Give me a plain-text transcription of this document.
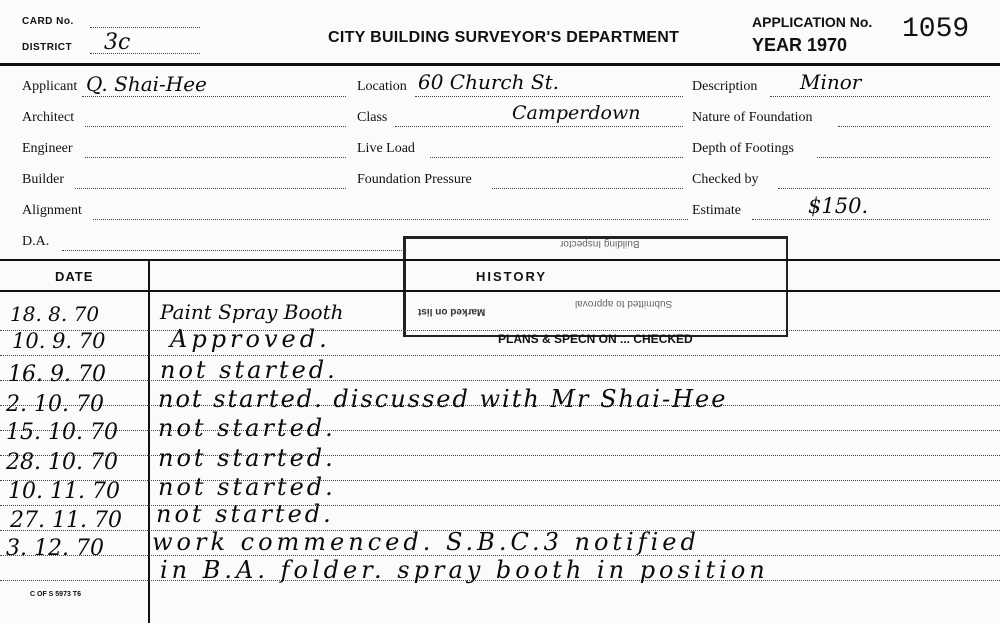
CARD No.
DISTRICT 3c	CITY BUILDING SURVEYOR'S DEPARTMENT
APPLICATION No.
YEAR 1970 1059
Applicant Q. Shai-Hee
Architect
Engineer
Builder
Alignment
D.A.
Location 60 Church St.
Class	Camperdown
Live Load
Foundation Pressure
Description Minor
Nature of Foundation
Depth of Footings
Checked by
Estimate	$150.
Building Inspector
Submitted to approval
Marked on list
PLANS & SPECN ON ... CHECKED
DATE	HISTORY
18. 8. 70	Paint Spray Booth
10. 9. 70	Approved.
16. 9. 70 not started.
2. 10. 70 not started. discussed with Mr Shai-Hee
15. 10. 70 not started.
28. 10. 70 not started.
10. 11. 70 not started.
27. 11. 70 not started.
3. 12. 70 work commenced. S.B.C.3 notified
in B.A. folder. spray booth in position
C OF S 5973 T6
